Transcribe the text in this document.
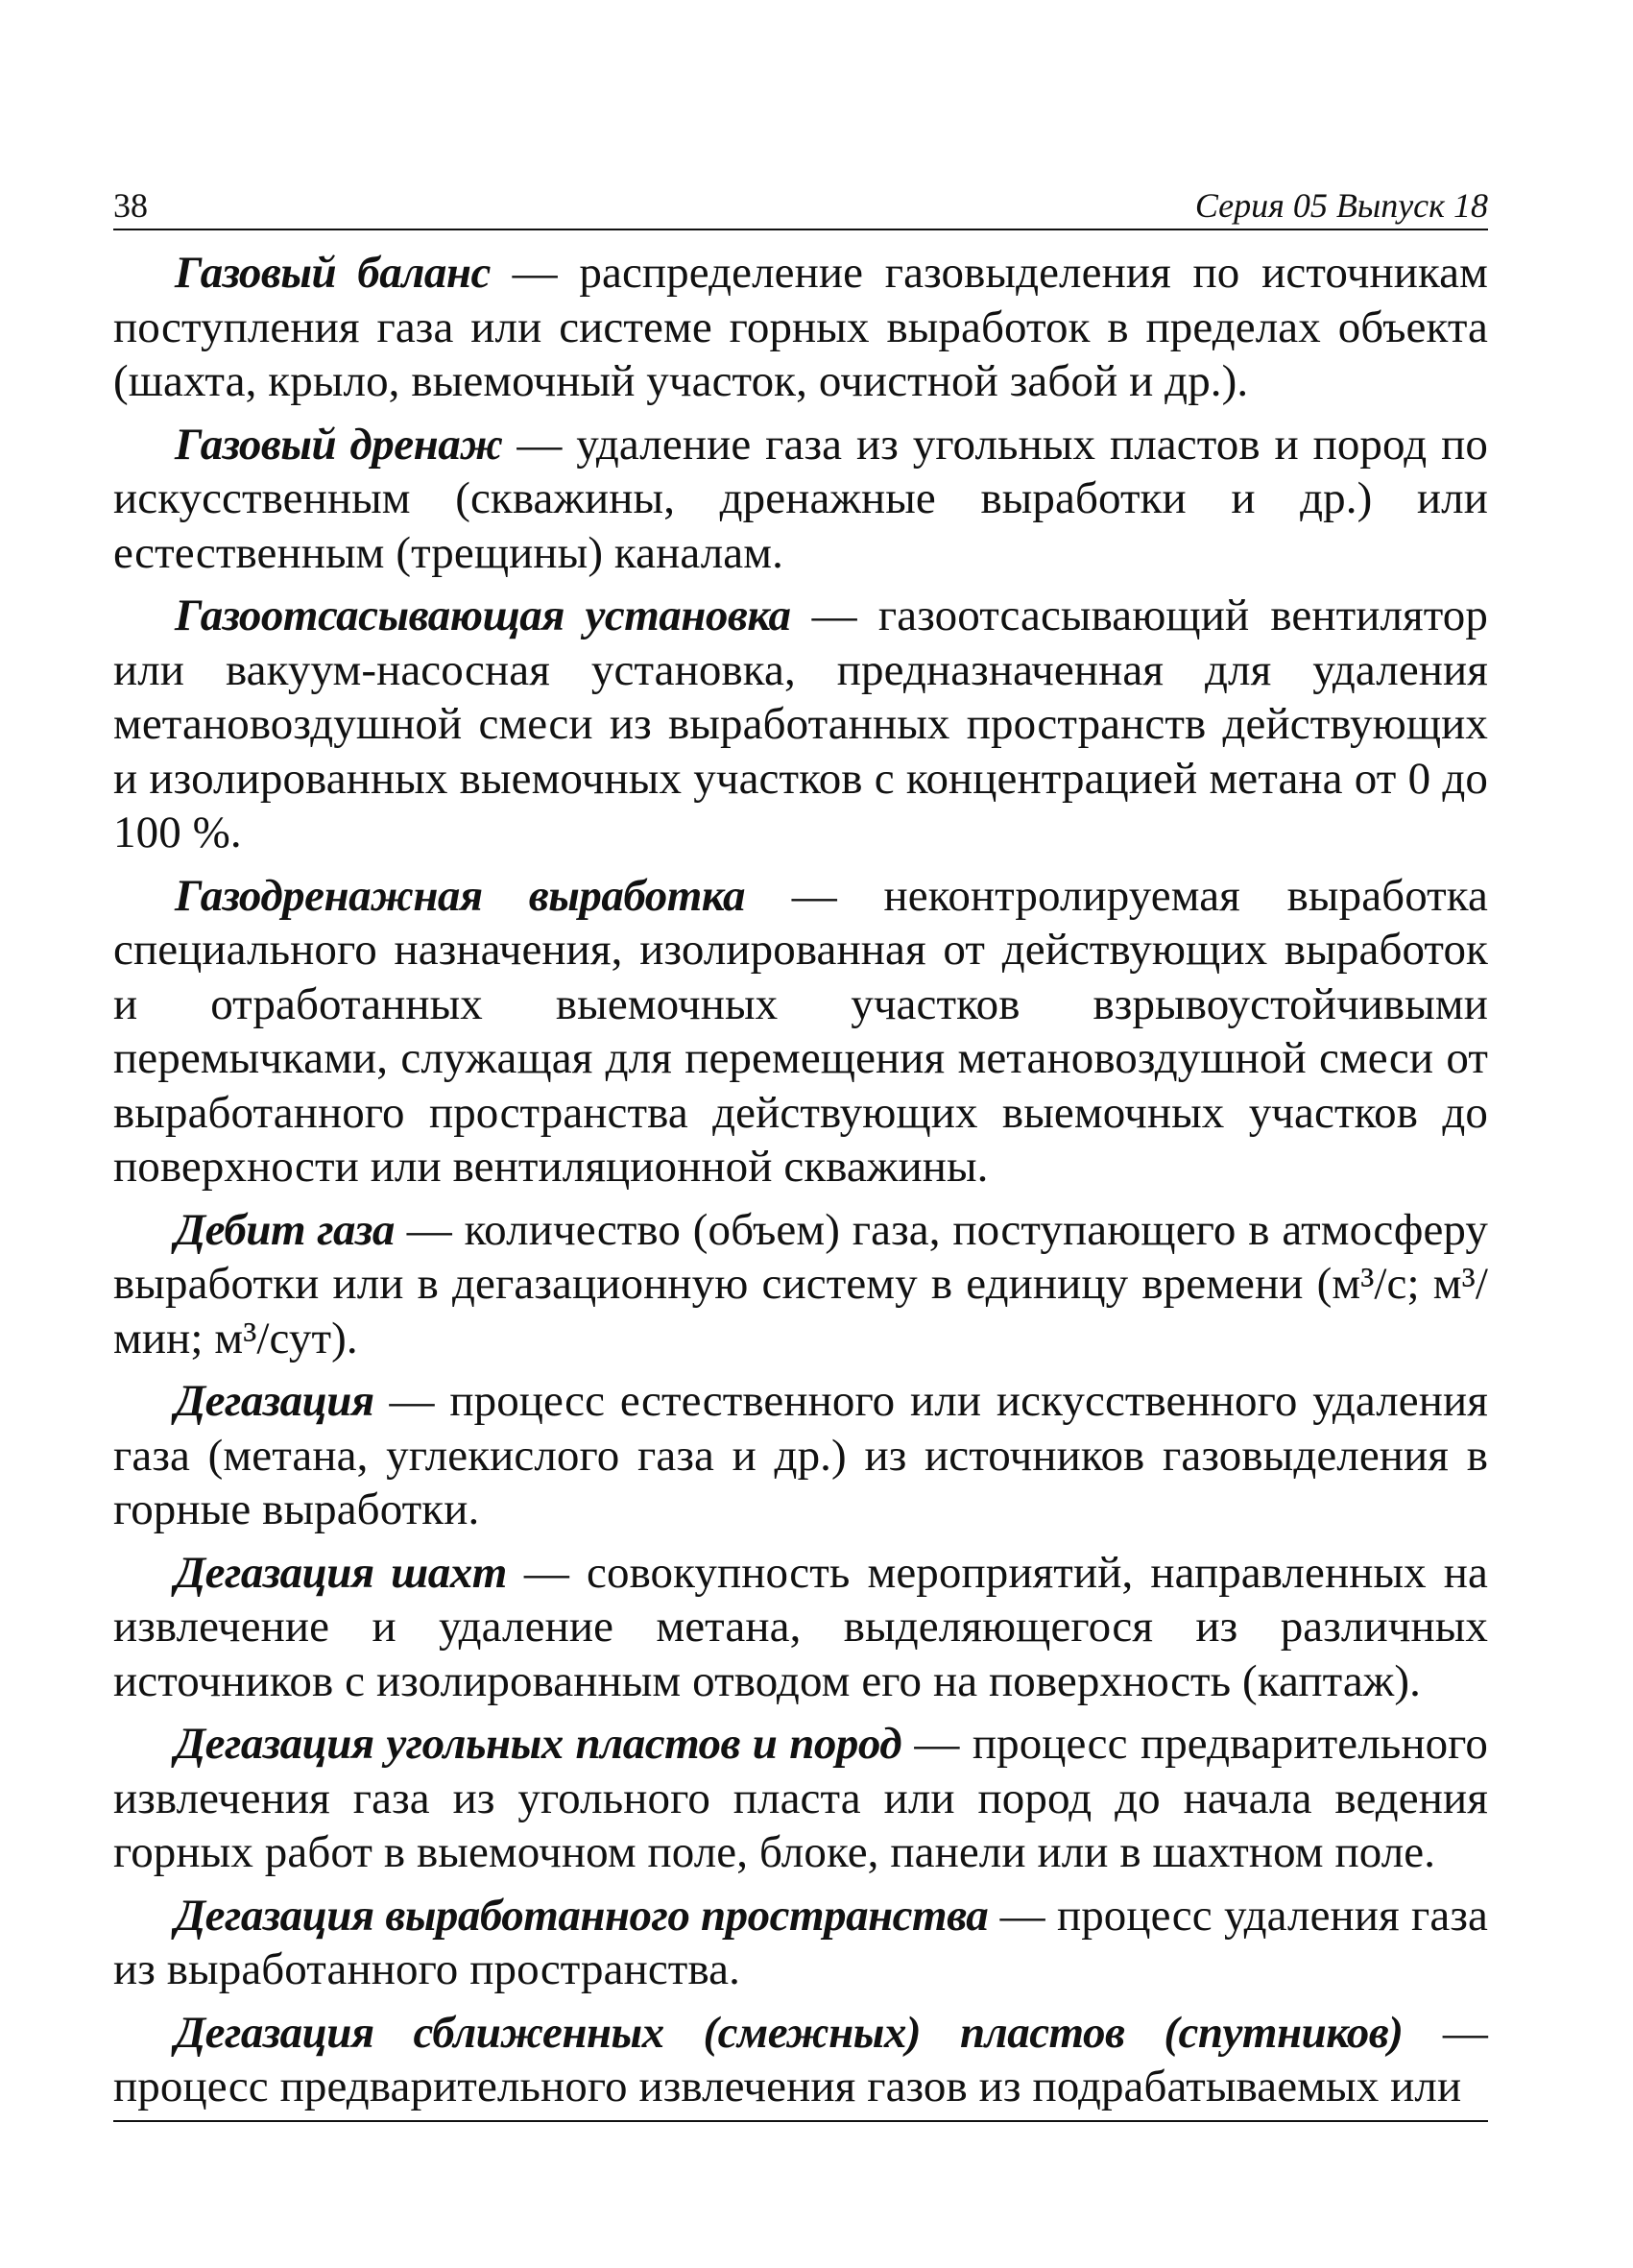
38	Серия 05 Выпуск 18

Газовый баланс — распределение газовыделения по источникам поступления газа или системе горных выработок в пределах объекта (шахта, крыло, выемочный участок, очистной забой и др.).

Газовый дренаж — удаление газа из угольных пластов и пород по искусственным (скважины, дренажные выработки и др.) или естественным (трещины) каналам.

Газоотсасывающая установка — газоотсасывающий вентилятор или вакуум-насосная установка, предназначенная для удаления метановоздушной смеси из выработанных пространств действующих и изолированных выемочных участков с концентрацией метана от 0 до 100 %.

Газодренажная выработка — неконтролируемая выработка специального назначения, изолированная от действующих выработок и отработанных выемочных участков взрывоустойчивыми перемычками, служащая для перемещения метановоздушной смеси от выработанного пространства действующих выемочных участков до поверхности или вентиляционной скважины.

Дебит газа — количество (объем) газа, поступающего в атмосферу выработки или в дегазационную систему в единицу времени (м³/с; м³/мин; м³/сут).

Дегазация — процесс естественного или искусственного удаления газа (метана, углекислого газа и др.) из источников газовыделения в горные выработки.

Дегазация шахт — совокупность мероприятий, направленных на извлечение и удаление метана, выделяющегося из различных источников с изолированным отводом его на поверхность (каптаж).

Дегазация угольных пластов и пород — процесс предварительного извлечения газа из угольного пласта или пород до начала ведения горных работ в выемочном поле, блоке, панели или в шахтном поле.

Дегазация выработанного пространства — процесс удаления газа из выработанного пространства.

Дегазация сближенных (смежных) пластов (спутников) — процесс предварительного извлечения газов из подрабатываемых или
